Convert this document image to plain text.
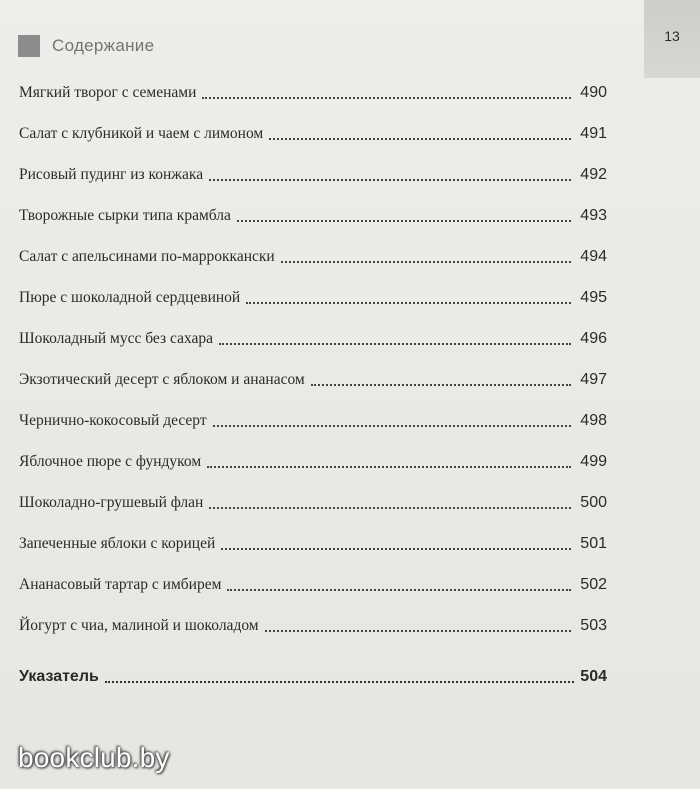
13
Содержание
Мягкий творог с семенами	490
Салат с клубникой и чаем с лимоном	491
Рисовый пудинг из конжака	492
Творожные сырки типа крамбла	493
Салат с апельсинами по-марроккански	494
Пюре с шоколадной сердцевиной	495
Шоколадный мусс без сахара	496
Экзотический десерт с яблоком и ананасом	497
Чернично-кокосовый десерт	498
Яблочное пюре с фундуком	499
Шоколадно-грушевый флан	500
Запеченные яблоки с корицей	501
Ананасовый тартар с имбирем	502
Йогурт с чиа, малиной и шоколадом	503
Указатель	504
bookclub.by
